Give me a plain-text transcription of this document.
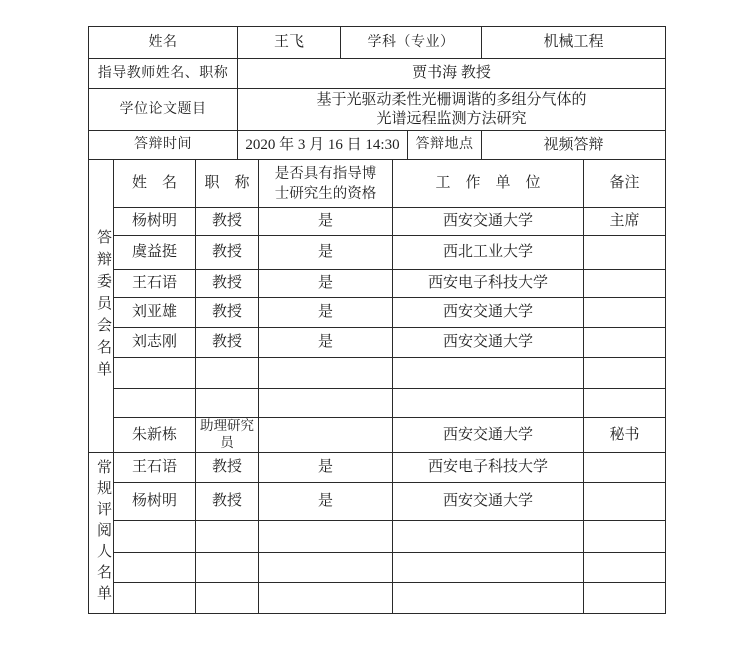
姓名	王飞	学科（专业）		机械工程
指导教师姓名、职称	贾书海 教授			
学位论文题目	基于光驱动柔性光栅调谐的多组分气体的
光谱远程监测方法研究			

答辩时间	2020 年 3 月 16 日 14:30		答辩地点	视频答辩
答辩委员会名单	姓　名	职　称	是否具有指导博士研究生的资格	工　作　单　位	备注
	杨树明	教授	是	西安交通大学	主席
	虞益挺	教授	是	西北工业大学	
	王石语	教授	是	西安电子科技大学	
	刘亚雄	教授	是	西安交通大学	
	刘志刚	教授	是	西安交通大学	

	朱新栋	助理研究员		西安交通大学	秘书

常规评阅人名单	王石语	教授	是	西安电子科技大学	
	杨树明	教授	是	西安交通大学	
